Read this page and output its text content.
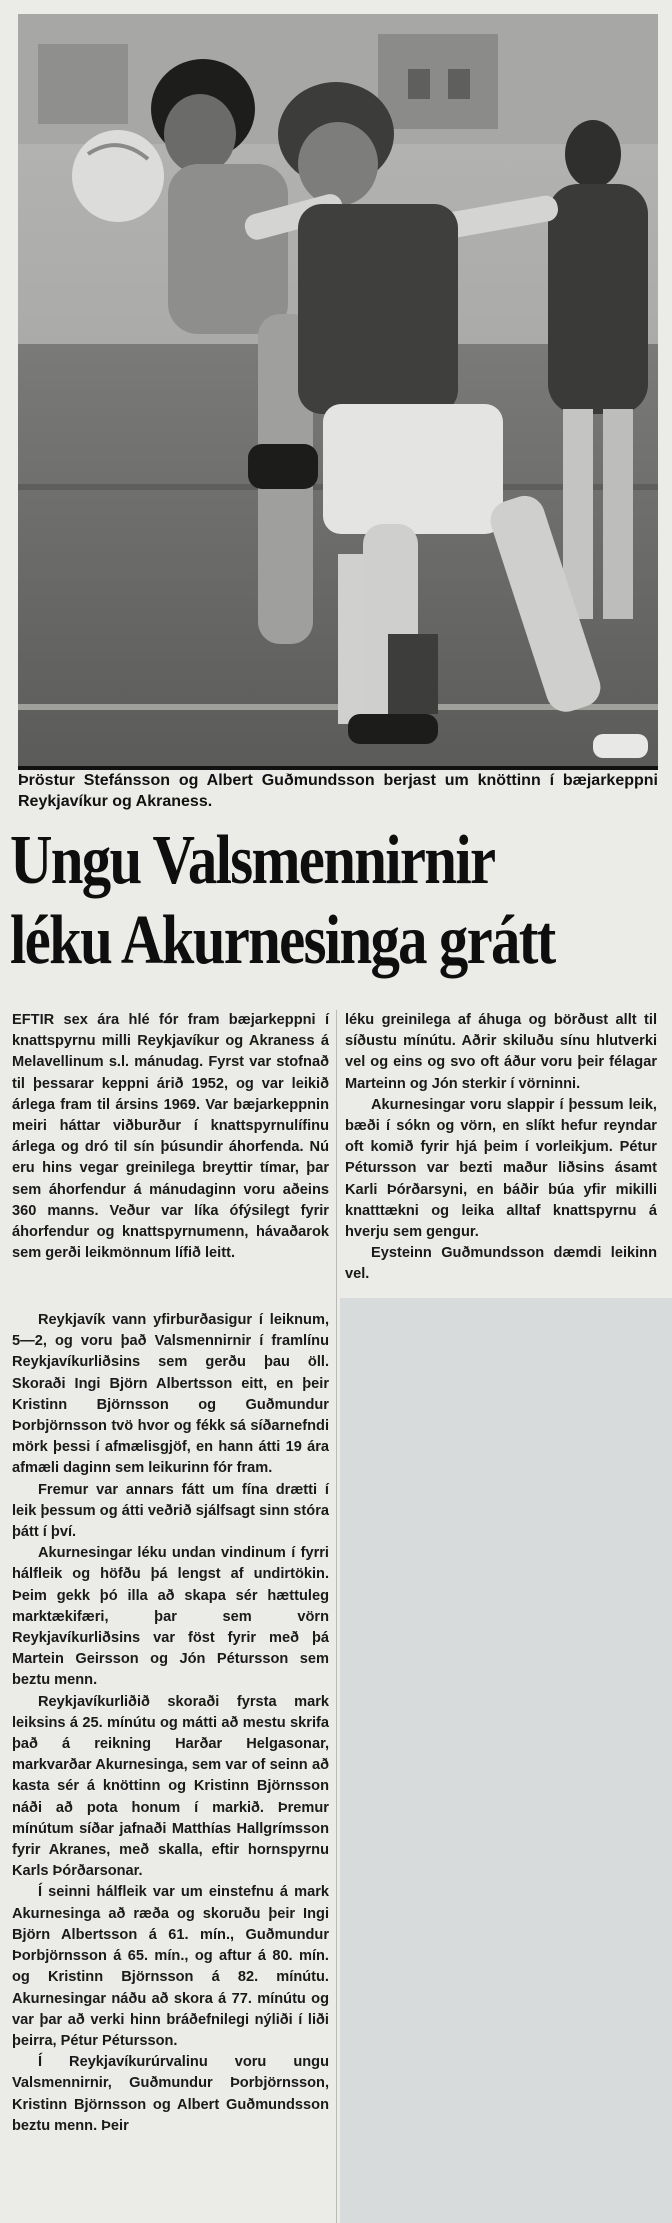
Þröstur Stefánsson og Albert Guðmundsson berjast um knöttinn í bæjarkeppni Reykjavíkur og Akraness.
Ungu Valsmennirnir
léku Akurnesinga grátt

EFTIR sex ára hlé fór fram bæjarkeppni í knattspyrnu milli Reykjavíkur og Akraness á Melavellinum s.l. mánudag. Fyrst var stofnað til þessarar keppni árið 1952, og var leikið árlega fram til ársins 1969. Var bæjarkeppnin meiri háttar viðburður í knattspyrnulífinu árlega og dró til sín þúsundir áhorfenda. Nú eru hins vegar greinilega breyttir tímar, þar sem áhorfendur á mánudaginn voru aðeins 360 manns. Veður var líka ófýsilegt fyrir áhorfendur og knattspyrnumenn, hávaðarok sem gerði leikmönnum lífið leitt.

léku greinilega af áhuga og börðust allt til síðustu mínútu. Aðrir skiluðu sínu hlutverki vel og eins og svo oft áður voru þeir félagar Marteinn og Jón sterkir í vörninni.

Akurnesingar voru slappir í þessum leik, bæði í sókn og vörn, en slíkt hefur reyndar oft komið fyrir hjá þeim í vorleikjum. Pétur Pétursson var bezti maður liðsins ásamt Karli Þórðarsyni, en báðir búa yfir mikilli knatttækni og leika alltaf knattspyrnu á hverju sem gengur.

Eysteinn Guðmundsson dæmdi leikinn vel.

Reykjavík vann yfirburðasigur í leiknum, 5—2, og voru það Valsmennirnir í framlínu Reykjavíkurliðsins sem gerðu þau öll. Skoraði Ingi Björn Albertsson eitt, en þeir Kristinn Björnsson og Guðmundur Þorbjörnsson tvö hvor og fékk sá síðarnefndi mörk þessi í afmælisgjöf, en hann átti 19 ára afmæli daginn sem leikurinn fór fram.

Fremur var annars fátt um fína drætti í leik þessum og átti veðrið sjálfsagt sinn stóra þátt í því.

Akurnesingar léku undan vindinum í fyrri hálfleik og höfðu þá lengst af undirtökin. Þeim gekk þó illa að skapa sér hættuleg marktækifæri, þar sem vörn Reykjavíkurliðsins var föst fyrir með þá Martein Geirsson og Jón Pétursson sem beztu menn.

Reykjavíkurliðið skoraði fyrsta mark leiksins á 25. mínútu og mátti að mestu skrifa það á reikning Harðar Helgasonar, markvarðar Akurnesinga, sem var of seinn að kasta sér á knöttinn og Kristinn Björnsson náði að pota honum í markið. Þremur mínútum síðar jafnaði Matthías Hallgrímsson fyrir Akranes, með skalla, eftir hornspyrnu Karls Þórðarsonar.

Í seinni hálfleik var um einstefnu á mark Akurnesinga að ræða og skoruðu þeir Ingi Björn Albertsson á 61. mín., Guðmundur Þorbjörnsson á 65. mín., og aftur á 80. mín. og Kristinn Björnsson á 82. mínútu. Akurnesingar náðu að skora á 77. mínútu og var þar að verki hinn bráðefnilegi nýliði í liði þeirra, Pétur Pétursson.

Í Reykjavíkurúrvalinu voru ungu Valsmennirnir, Guðmundur Þorbjörnsson, Kristinn Björnsson og Albert Guðmundsson beztu menn. Þeir
